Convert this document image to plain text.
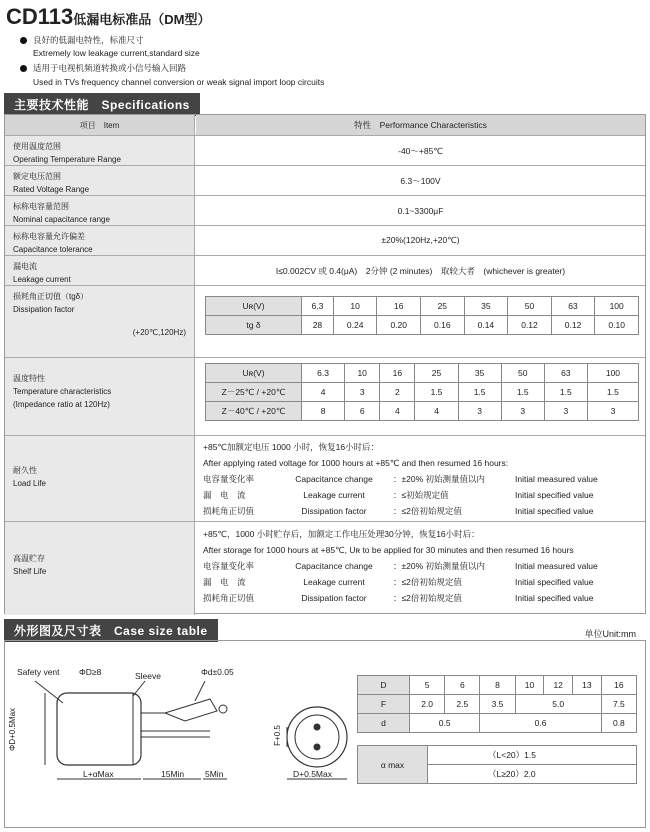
CD113低漏电标准品（DM型）
良好的低漏电特性，标准尺寸
Extremely low leakage current,standard size
适用于电视机频道转换或小信号输入回路
Used in TVs frequency channel conversion or weak signal import loop circuits
主要技术性能　Specifications
项目　Item	特性　Performance Characteristics
使用温度范围
Operating Temperature Range
-40～+85℃
额定电压范围
Rated Voltage Range
6.3～100V
标称电容量范围
Nominal capacitance range
0.1~3300μF
标称电容量允许偏差
Capacitance tolerance
±20%(120Hz,+20℃)
漏电流
Leakage current
I≤0.002CV 或 0.4(μA)　2分钟 (2 minutes)　取较大者　(whichever is greater)
损耗角正切值（tgδ）
Dissipation factor
(+20℃,120Hz)
Uʀ(V)	6.3	10	16	25	35	50	63	100
tg δ	28	0.24	0.20	0.16	0.14	0.12	0.12	0.10
温度特性
Temperature characteristics
(Impedance ratio at 120Hz)
Uʀ(V)	6.3	10	16	25	35	50	63	100
Z－25℃ / +20℃	4	3	2	1.5	1.5	1.5	1.5	1.5
Z－40℃ / +20℃	8	6	4	4	3	3	3	3
耐久性
Load Life
+85℃加额定电压 1000 小时，恢复16小时后：
After applying rated voltage for 1000 hours at +85℃ and then resumed 16 hours:
电容量变化率	Capacitance change ：±20% 初始测量值以内	Initial measured value
漏　电　流	Leakage current	：≤初始规定值	Initial specified value
损耗角正切值	Dissipation factor	：≤2倍初始规定值	Initial specified value
高温贮存
Shelf Life
+85℃，1000 小时贮存后，加额定工作电压处理30分钟，恢复16小时后：
After storage for 1000 hours at +85℃, Uʀ to be applied for 30 minutes and then resumed 16 hours
电容量变化率	Capacitance change ：±20% 初始测量值以内	Initial measured value
漏　电　流	Leakage current	：≤2倍初始规定值	Initial specified value
损耗角正切值	Dissipation factor	：≤2倍初始规定值	Initial specified value
外形图及尺寸表　Case size table	单位Unit:mm
Safety vent ΦD≥8	Sleeve	Φd±0.05
ΦD+0.5Max
L+αMax	15Min 5Min
F+0.5
D+0.5Max
D	5	6	8	10	12	13	16
F	2.0	2.5	3.5	5.0			7.5
d	0.5		0.6				0.8
α max	（L<20）1.5
（L≥20）2.0
